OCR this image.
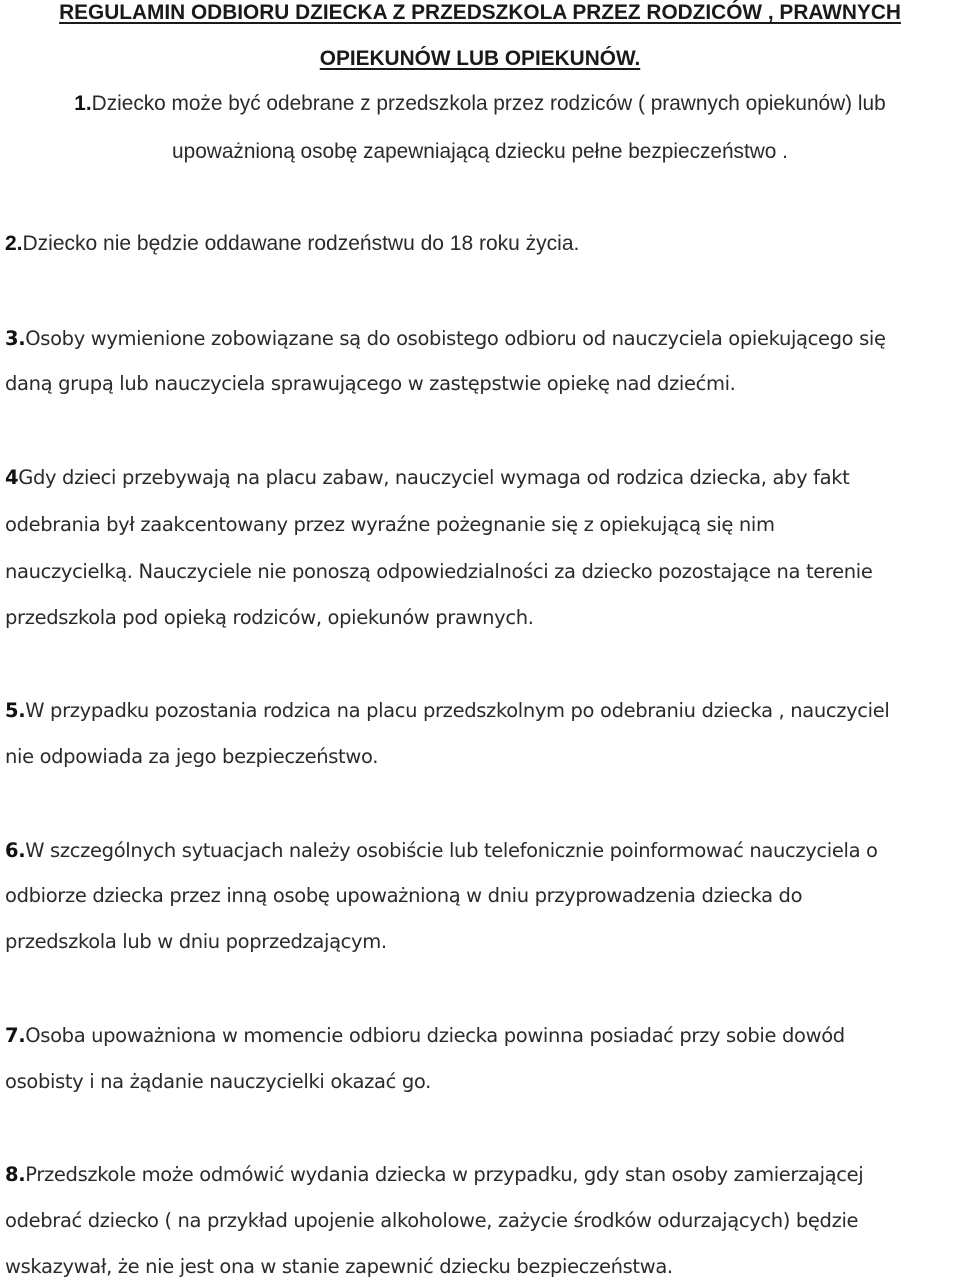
REGULAMIN ODBIORU DZIECKA Z PRZEDSZKOLA PRZEZ RODZICÓW , PRAWNYCH
OPIEKUNÓW LUB OPIEKUNÓW.
1.Dziecko może być odebrane z przedszkola przez rodziców ( prawnych opiekunów) lub
upoważnioną osobę zapewniającą dziecku pełne bezpieczeństwo .
2.Dziecko nie będzie oddawane rodzeństwu do 18 roku życia.
3.Osoby wymienione zobowiązane są do osobistego odbioru od nauczyciela opiekującego się
daną grupą lub nauczyciela sprawującego w zastępstwie opiekę nad dziećmi.
4Gdy dzieci przebywają na placu zabaw, nauczyciel wymaga od rodzica dziecka, aby fakt
odebrania był zaakcentowany przez wyraźne pożegnanie się z opiekującą się nim
nauczycielką. Nauczyciele nie ponoszą odpowiedzialności za dziecko pozostające na terenie
przedszkola pod opieką rodziców, opiekunów prawnych.
5.W przypadku pozostania rodzica na placu przedszkolnym po odebraniu dziecka , nauczyciel
nie odpowiada za jego bezpieczeństwo.
6.W szczególnych sytuacjach należy osobiście lub telefonicznie poinformować nauczyciela o
odbiorze dziecka przez inną osobę upoważnioną w dniu przyprowadzenia dziecka do
przedszkola lub w dniu poprzedzającym.
7.Osoba upoważniona w momencie odbioru dziecka powinna posiadać przy sobie dowód
osobisty i na żądanie nauczycielki okazać go.
8.Przedszkole może odmówić wydania dziecka w przypadku, gdy stan osoby zamierzającej
odebrać dziecko ( na przykład upojenie alkoholowe, zażycie środków odurzających) będzie
wskazywał, że nie jest ona w stanie zapewnić dziecku bezpieczeństwa.
